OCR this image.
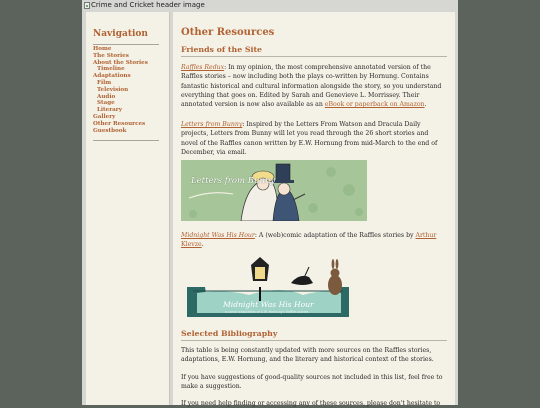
Crime and Cricket header image
Navigation
Home
The Stories
About the Stories
Timeline
Adaptations
Film
Television
Audio
Stage
Literary
Gallery
Other Resources
Guestbook
Other Resources
Friends of the Site

Raffles Redux: In my opinion, the most comprehensive annotated version of the Raffles stories – now including both the plays co-written by Hornung. Contains fantastic historical and cultural information alongside the story, so you understand everything that goes on. Edited by Sarah and Genevieve L. Morrissey. Their annotated version is now also available as an eBook or paperback on Amazon.

Letters from Bunny: Inspired by the Letters From Watson and Dracula Daily projects, Letters from Bunny will let you read through the 26 short stories and novel of the Raffles canon written by E.W. Hornung from mid-March to the end of December, via email.

Letters from Bunny

Midnight Was His Hour: A (web)comic adaptation of the Raffles stories by Arthur Klevze.

Midnight Was His Hour
a comic adaptation of E.W. Hornung's Raffles stories
Selected Bibliography

This table is being constantly updated with more sources on the Raffles stories, adaptations, E.W. Hornung, and the literary and historical context of the stories.

If you have suggestions of good-quality sources not included in this list, feel free to make a suggestion.

If you need help finding or accessing any of these sources, please don't hesitate to
